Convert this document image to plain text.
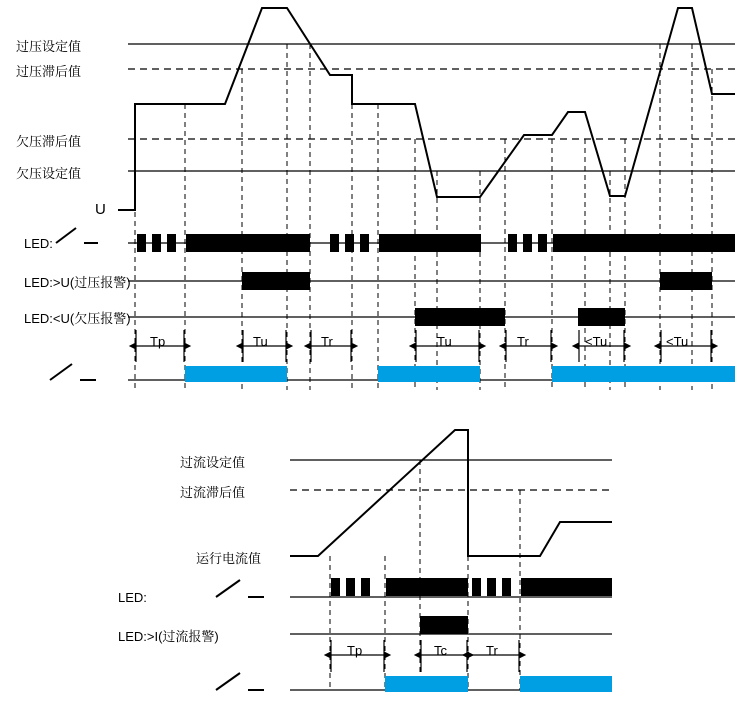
过压设定值
过压滞后值
欠压滞后值
欠压设定值
U
LED:
LED:>U(过压报警)
LED:<U(欠压报警)
Tp	Tu	Tr	Tu	Tr	<Tu	<Tu
过流设定值
过流滞后值
运行电流值
LED:
LED:>I(过流报警)
Tp	Tc	Tr
